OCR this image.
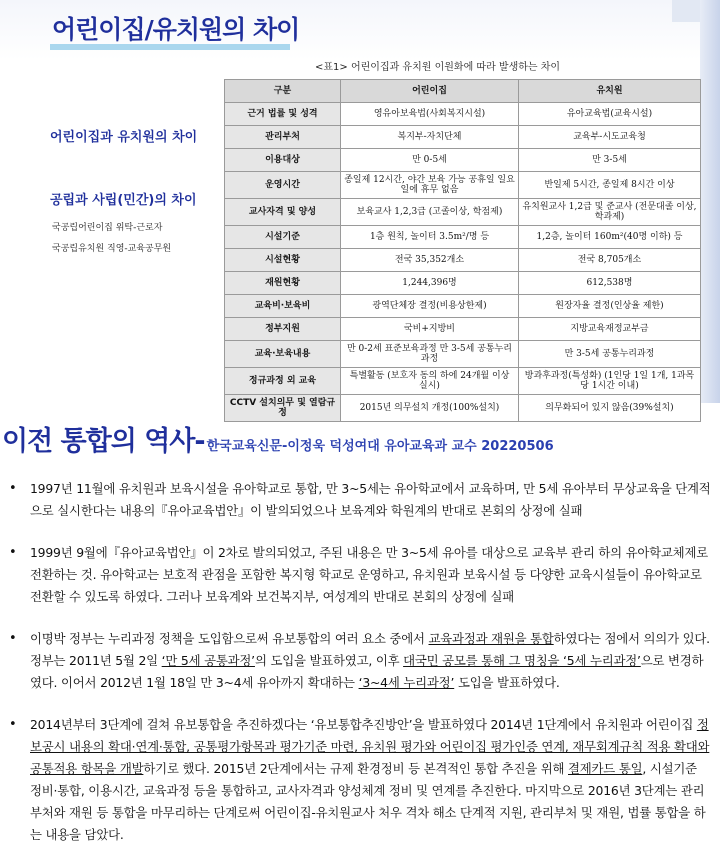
어린이집/유치원의 차이
어린이집과 유치원의 차이
공립과 사립(민간)의 차이
국공립어린이집 위탁-근로자
국공립유치원 직영-교육공무원
<표1> 어린이집과 유치원 이원화에 따라 발생하는 차이
구분	어린이집	유치원
근거 법률 및 성격	영유아보육법(사회복지시설)	유아교육법(교육시설)
관리부처	복지부-자치단체	교육부-시도교육청
이용대상	만 0-5세	만 3-5세
운영시간	종일제 12시간, 야간 보육 가능 공휴일 일요일에 휴무 없음	반일제 5시간, 종일제 8시간 이상
교사자격 및 양성	보육교사 1,2,3급 (고졸이상, 학점제)	유치원교사 1,2급 및 준교사 (전문대졸 이상, 학과제)
시설기준	1층 원칙, 놀이터 3.5m²/명 등	1,2층, 놀이터 160m²(40명 이하) 등
시설현황	전국 35,352개소	전국 8,705개소
재원현황	1,244,396명	612,538명
교육비·보육비	광역단체장 결정(비용상한제)	원장자율 결정(인상율 제한)
정부지원	국비+지방비	지방교육재정교부금
교육·보육내용	만 0-2세 표준보육과정 만 3-5세 공통누리과정	만 3-5세 공통누리과정
정규과정 외 교육	특별활동 (보호자 동의 하에 24개월 이상 실시)	방과후과정(특성화) (1인당 1일 1개, 1과목당 1시간 이내)
CCTV 설치의무 및 열람규정	2015년 의무설치 개정(100%설치)	의무화되어 있지 않음(39%설치)
이전 통합의 역사- 한국교육신문-이정욱 덕성여대 유아교육과 교수 20220506
• 1997년 11월에 유치원과 보육시설을 유아학교로 통합, 만 3~5세는 유아학교에서 교육하며, 만 5세 유아부터 무상교육을 단계적으로 실시한다는 내용의『유아교육법안』이 발의되었으나 보육계와 학원계의 반대로 본회의 상정에 실패
• 1999년 9월에『유아교육법안』이 2차로 발의되었고, 주된 내용은 만 3~5세 유아를 대상으로 교육부 관리 하의 유아학교체제로 전환하는 것. 유아학교는 보호적 관점을 포함한 복지형 학교로 운영하고, 유치원과 보육시설 등 다양한 교육시설들이 유아학교로 전환할 수 있도록 하였다. 그러나 보육계와 보건복지부, 여성계의 반대로 본회의 상정에 실패
• 이명박 정부는 누리과정 정책을 도입함으로써 유보통합의 여러 요소 중에서 교육과정과 재원을 통합하였다는 점에서 의의가 있다. 정부는 2011년 5월 2일 ‘만 5세 공통과정’의 도입을 발표하였고, 이후 대국민 공모를 통해 그 명칭을 ‘5세 누리과정’으로 변경하였다. 이어서 2012년 1월 18일 만 3~4세 유아까지 확대하는 ‘3~4세 누리과정’ 도입을 발표하였다.
• 2014년부터 3단계에 걸쳐 유보통합을 추진하겠다는 ‘유보통합추진방안’을 발표하였다 2014년 1단계에서 유치원과 어린이집 정보공시 내용의 확대·연계·통합, 공통평가항목과 평가기준 마련, 유치원 평가와 어린이집 평가인증 연계, 재무회계규칙 적용 확대와 공통적용 항목을 개발하기로 했다. 2015년 2단계에서는 규제 환경정비 등 본격적인 통합 추진을 위해 결제카드 통일, 시설기준 정비·통합, 이용시간, 교육과정 등을 통합하고, 교사자격과 양성체계 정비 및 연계를 추진한다. 마지막으로 2016년 3단계는 관리부처와 재원 등 통합을 마무리하는 단계로써 어린이집-유치원교사 처우 격차 해소 단계적 지원, 관리부처 및 재원, 법률 통합을 하는 내용을 담았다.
